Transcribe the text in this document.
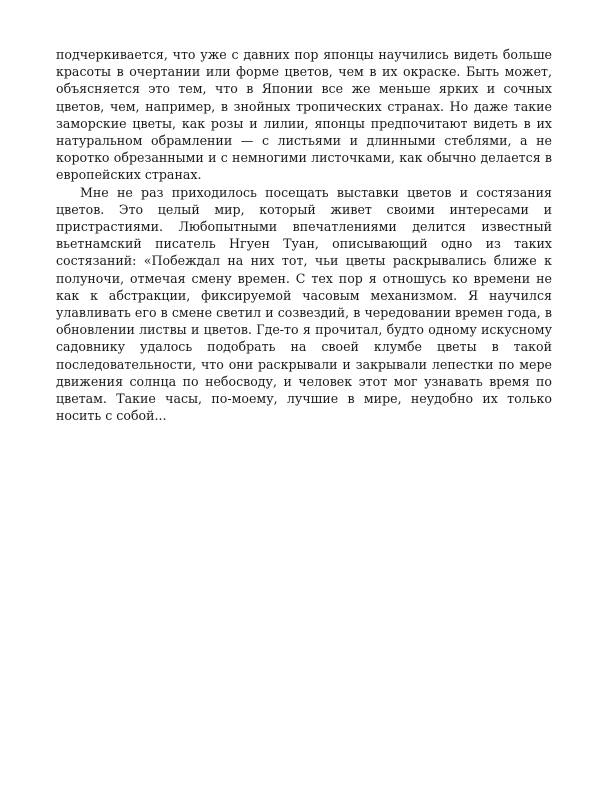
подчеркивается, что уже с давних пор японцы научились видеть больше красоты в очертании или форме цветов, чем в их окраске. Быть может, объясняется это тем, что в Японии все же меньше ярких и сочных цветов, чем, например, в знойных тропических странах. Но даже такие заморские цветы, как розы и лилии, японцы предпочитают видеть в их натуральном обрамлении — с листьями и длинными стеблями, а не коротко обрезанными и с немногими листочками, как обычно делается в европейских странах.

Мне не раз приходилось посещать выставки цветов и состязания цветов. Это целый мир, который живет своими интересами и пристрастиями. Любопытными впечатлениями делится известный вьетнамский писатель Нгуен Туан, описывающий одно из таких состязаний: «Побеждал на них тот, чьи цветы раскрывались ближе к полуночи, отмечая смену времен. С тех пор я отношусь ко времени не как к абстракции, фиксируемой часовым механизмом. Я научился улавливать его в смене светил и созвездий, в чередовании времен года, в обновлении листвы и цветов. Где-то я прочитал, будто одному искусному садовнику удалось подобрать на своей клумбе цветы в такой последовательности, что они раскрывали и закрывали лепестки по мере движения солнца по небосводу, и человек этот мог узнавать время по цветам. Такие часы, по-моему, лучшие в мире, неудобно их только носить с собой...
